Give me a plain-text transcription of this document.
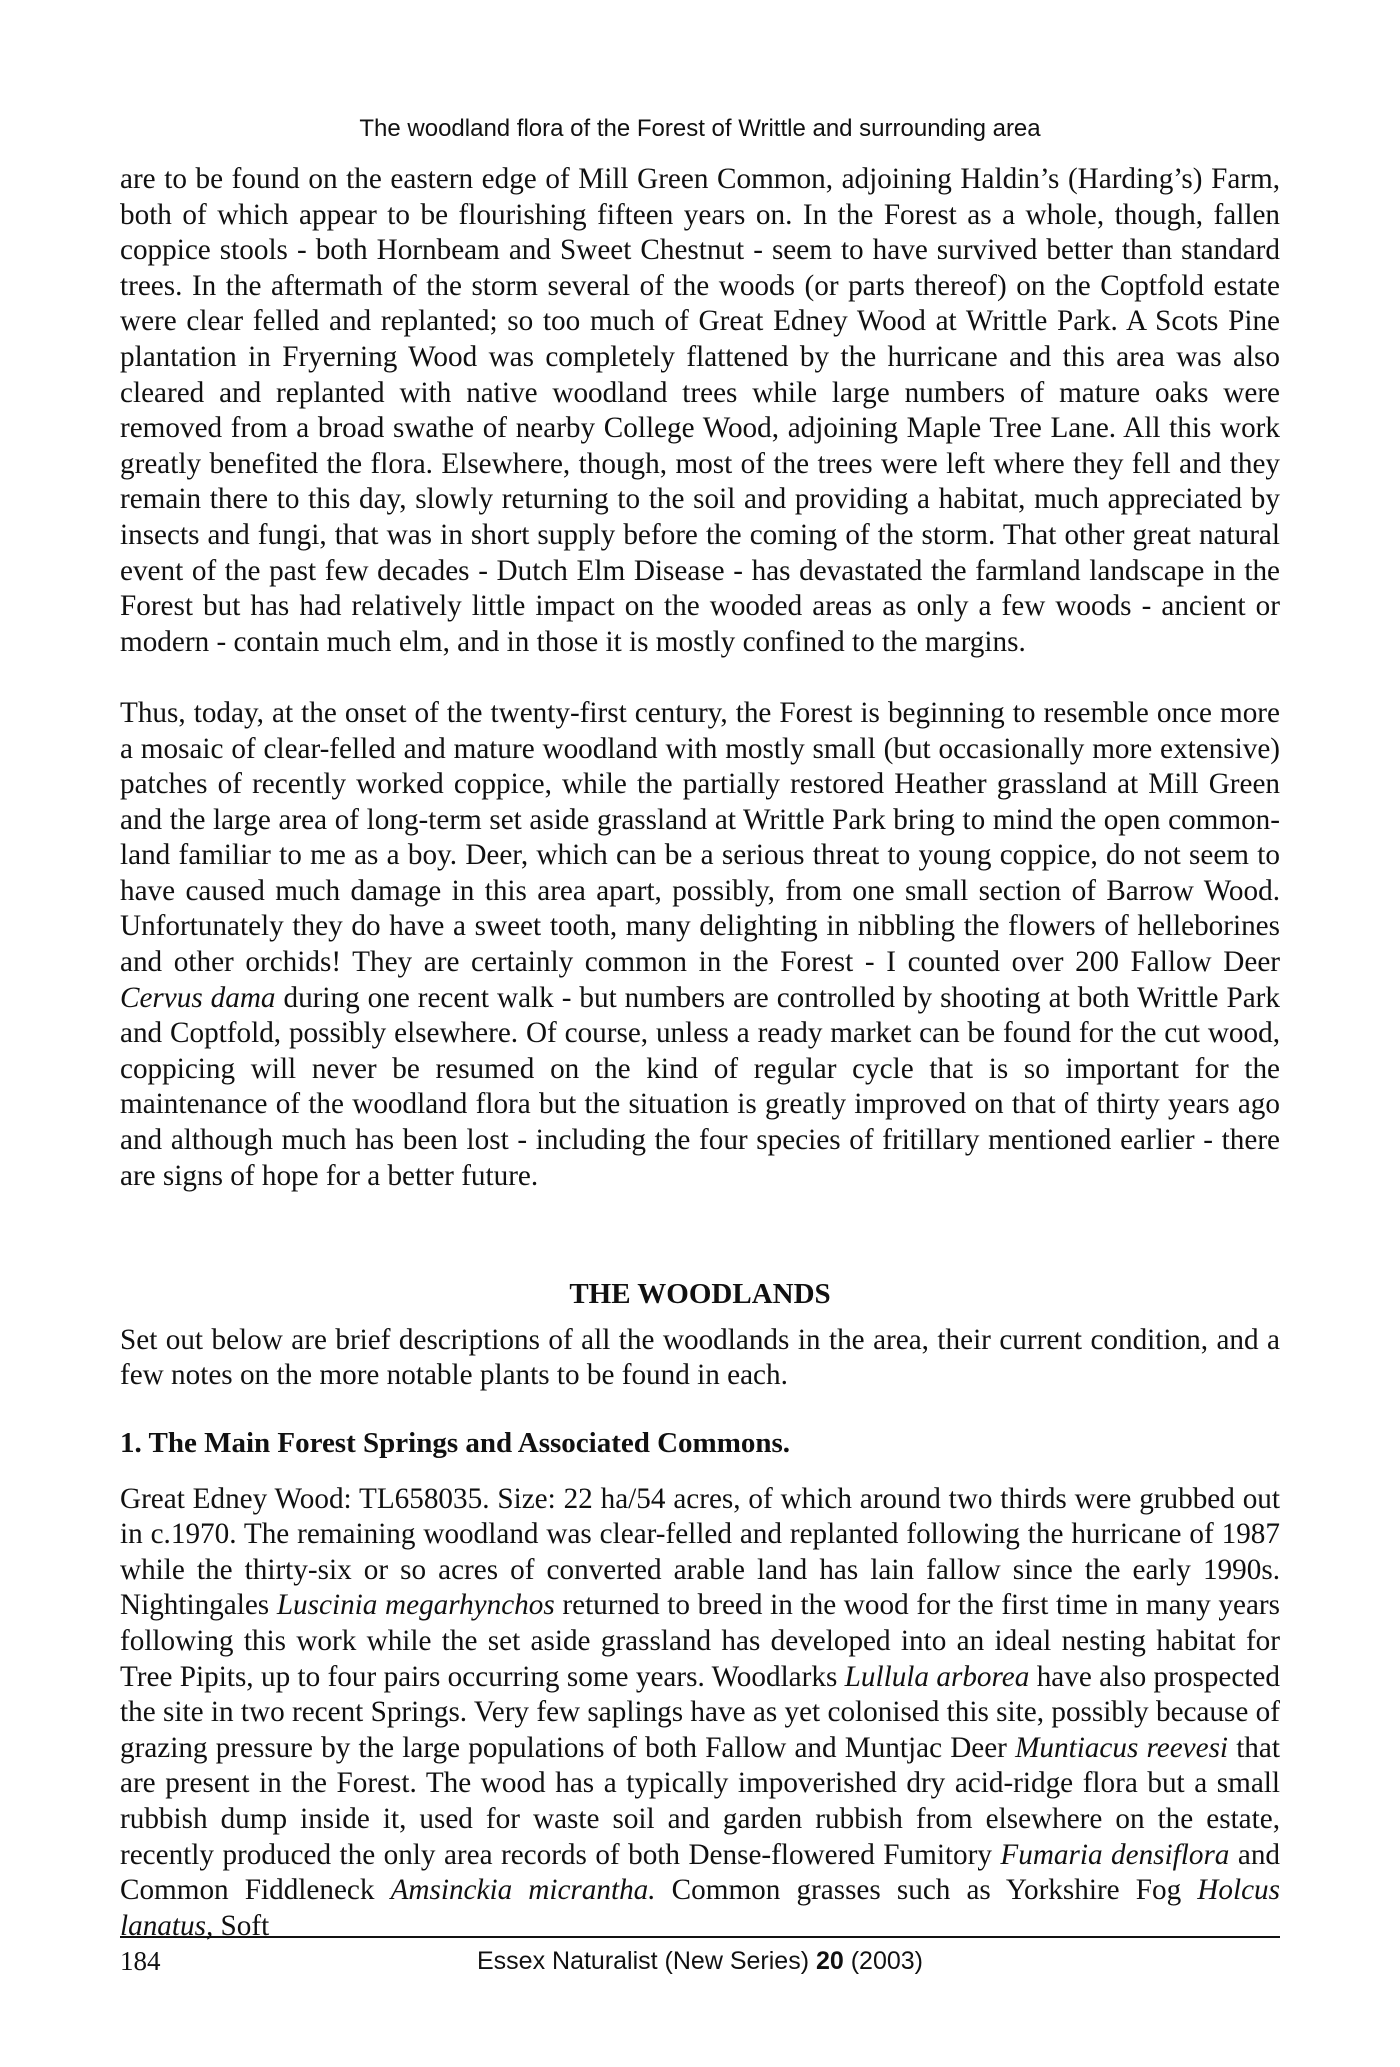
The woodland flora of the Forest of Writtle and surrounding area

are to be found on the eastern edge of Mill Green Common, adjoining Haldin’s (Harding’s) Farm, both of which appear to be flourishing fifteen years on. In the Forest as a whole, though, fallen coppice stools - both Hornbeam and Sweet Chestnut - seem to have survived better than standard trees. In the aftermath of the storm several of the woods (or parts thereof) on the Coptfold estate were clear felled and replanted; so too much of Great Edney Wood at Writtle Park. A Scots Pine plantation in Fryerning Wood was completely flattened by the hurricane and this area was also cleared and replanted with native woodland trees while large numbers of mature oaks were removed from a broad swathe of nearby College Wood, adjoining Maple Tree Lane. All this work greatly benefited the flora. Elsewhere, though, most of the trees were left where they fell and they remain there to this day, slowly returning to the soil and providing a habitat, much appreciated by insects and fungi, that was in short supply before the coming of the storm. That other great natural event of the past few decades - Dutch Elm Disease - has devastated the farmland landscape in the Forest but has had relatively little impact on the wooded areas as only a few woods - ancient or modern - contain much elm, and in those it is mostly confined to the margins.

Thus, today, at the onset of the twenty-first century, the Forest is beginning to resemble once more a mosaic of clear-felled and mature woodland with mostly small (but occasionally more extensive) patches of recently worked coppice, while the partially restored Heather grassland at Mill Green and the large area of long-term set aside grassland at Writtle Park bring to mind the open common-land familiar to me as a boy. Deer, which can be a serious threat to young coppice, do not seem to have caused much damage in this area apart, possibly, from one small section of Barrow Wood. Unfortunately they do have a sweet tooth, many delighting in nibbling the flowers of helleborines and other orchids! They are certainly common in the Forest - I counted over 200 Fallow Deer Cervus dama during one recent walk - but numbers are controlled by shooting at both Writtle Park and Coptfold, possibly elsewhere. Of course, unless a ready market can be found for the cut wood, coppicing will never be resumed on the kind of regular cycle that is so important for the maintenance of the woodland flora but the situation is greatly improved on that of thirty years ago and although much has been lost - including the four species of fritillary mentioned earlier - there are signs of hope for a better future.

THE WOODLANDS

Set out below are brief descriptions of all the woodlands in the area, their current condition, and a few notes on the more notable plants to be found in each.

1. The Main Forest Springs and Associated Commons.

Great Edney Wood: TL658035. Size: 22 ha/54 acres, of which around two thirds were grubbed out in c.1970. The remaining woodland was clear-felled and replanted following the hurricane of 1987 while the thirty-six or so acres of converted arable land has lain fallow since the early 1990s. Nightingales Luscinia megarhynchos returned to breed in the wood for the first time in many years following this work while the set aside grassland has developed into an ideal nesting habitat for Tree Pipits, up to four pairs occurring some years. Woodlarks Lullula arborea have also prospected the site in two recent Springs. Very few saplings have as yet colonised this site, possibly because of grazing pressure by the large populations of both Fallow and Muntjac Deer Muntiacus reevesi that are present in the Forest. The wood has a typically impoverished dry acid-ridge flora but a small rubbish dump inside it, used for waste soil and garden rubbish from elsewhere on the estate, recently produced the only area records of both Dense-flowered Fumitory Fumaria densiflora and Common Fiddleneck Amsinckia micrantha. Common grasses such as Yorkshire Fog Holcus lanatus, Soft

184	Essex Naturalist (New Series) 20 (2003)
